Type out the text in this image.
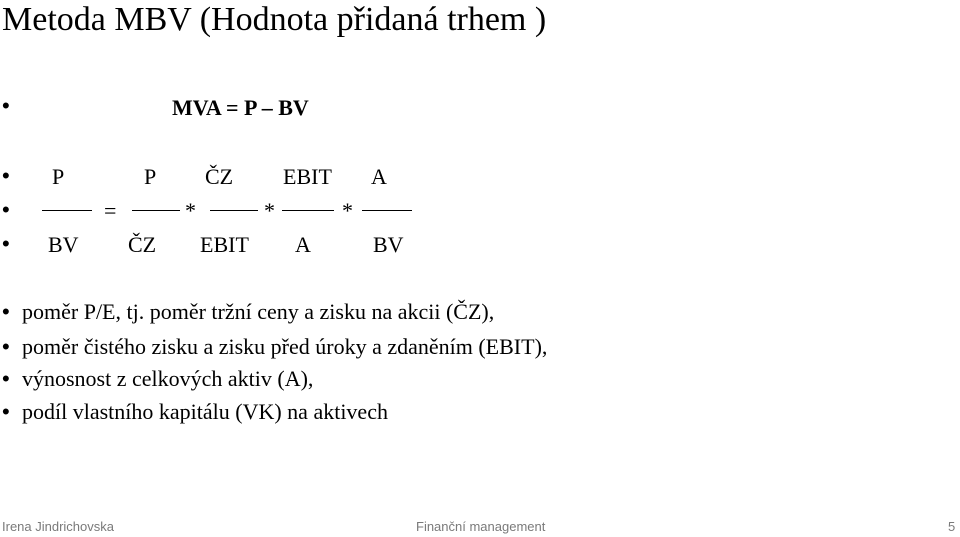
Metoda MBV (Hodnota přidaná trhem )
•	MVA = P – BV
• P	P ČZ EBIT A
•	=	*	*	*
• BV ČZ EBIT A	BV
• poměr P/E, tj. poměr tržní ceny a zisku na akcii (ČZ),
• poměr čistého zisku a zisku před úroky a zdaněním (EBIT),
• výnosnost z celkových aktiv (A),
• podíl vlastního kapitálu (VK) na aktivech
Irena Jindrichovska	Finanční management	5
